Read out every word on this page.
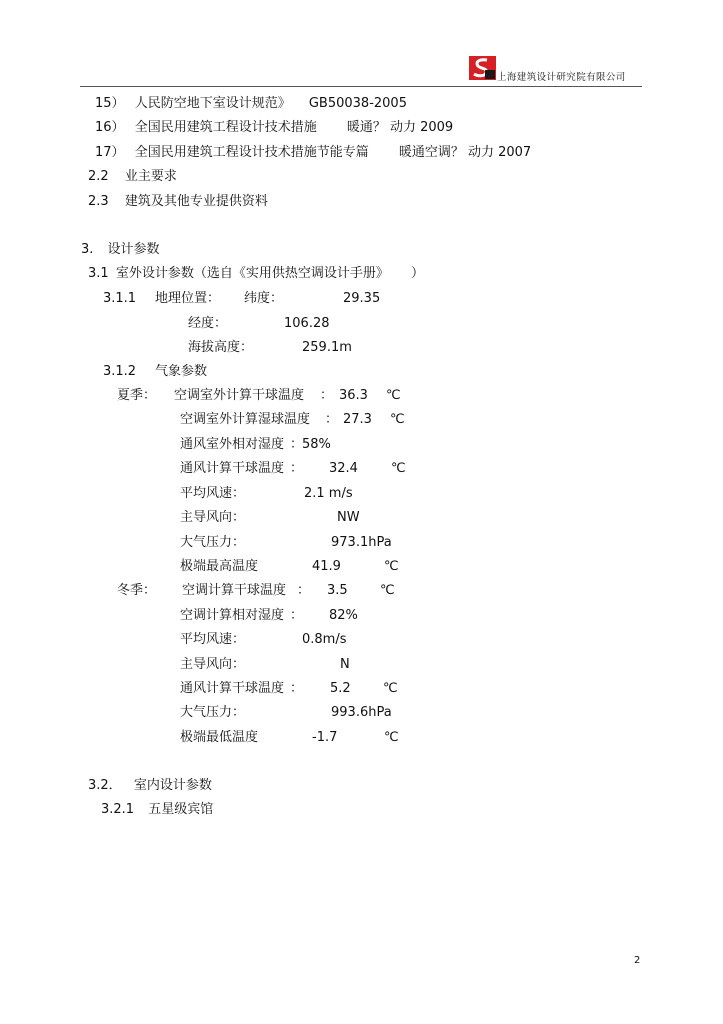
上海建筑设计研究院有限公司
15） 人民防空地下室设计规范》 GB50038-2005
16） 全国民用建筑工程设计技术措施 暖通？ 动力 2009
17） 全国民用建筑工程设计技术措施节能专篇 暖通空调？ 动力 2007
2.2 业主要求
2.3 建筑及其他专业提供资料
3. 设计参数
3.1 室外设计参数（选自《实用供热空调设计手册》 ）
3.1.1 地理位置： 纬度：	29.35
经度：	106.28
海拔高度：	259.1m
3.1.2 气象参数
夏季： 空调室外计算干球温度 ： 36.3 ℃
空调室外计算湿球温度 ： 27.3 ℃
通风室外相对湿度 ：
58%
通风计算干球温度 ： 32.4	℃
平均风速：	2.1 m/s
主导风向：	NW
大气压力：	973.1hPa
极端最高温度	41.9	℃
冬季： 空调计算干球温度 ： 3.5 ℃
空调计算相对湿度 ： 82%
平均风速：	0.8m/s
主导风向：	N
通风计算干球温度 ： 5.2 ℃
大气压力：	993.6hPa
极端最低温度	-1.7	℃
3.2． 室内设计参数
3.2.1 五星级宾馆
2
